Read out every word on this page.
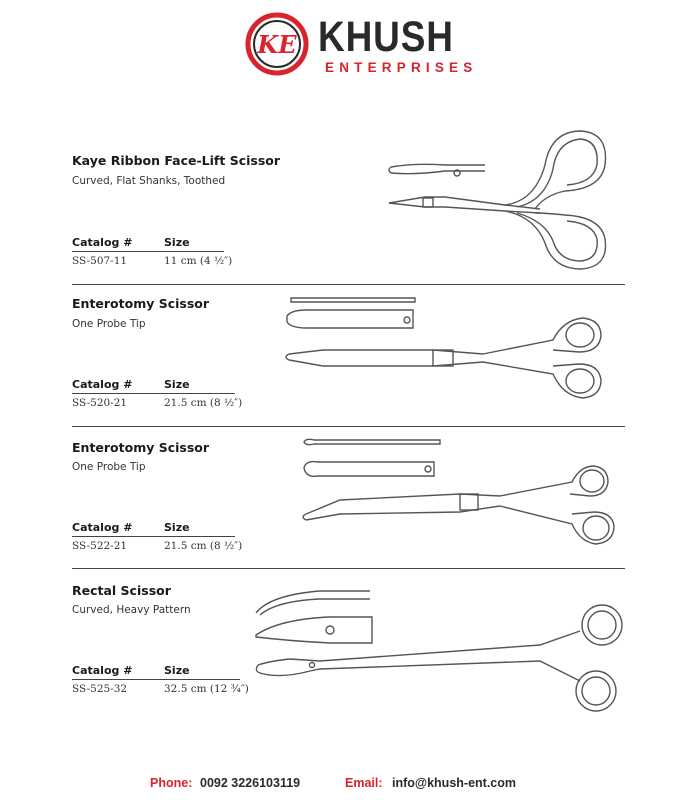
KE KHUSH
ENTERPRISES
Kaye Ribbon Face-Lift Scissor
Curved, Flat Shanks, Toothed
Catalog #	Size
SS-507-11	11 cm (4 ½″)
Enterotomy Scissor
One Probe Tip
Catalog #	Size
SS-520-21	21.5 cm (8 ½″)
Enterotomy Scissor
One Probe Tip
Catalog #	Size
SS-522-21	21.5 cm (8 ½″)
Rectal Scissor
Curved, Heavy Pattern
Catalog #	Size
SS-525-32	32.5 cm (12 ¾″)
Phone: 0092 3226103119	Email: info@khush-ent.com
